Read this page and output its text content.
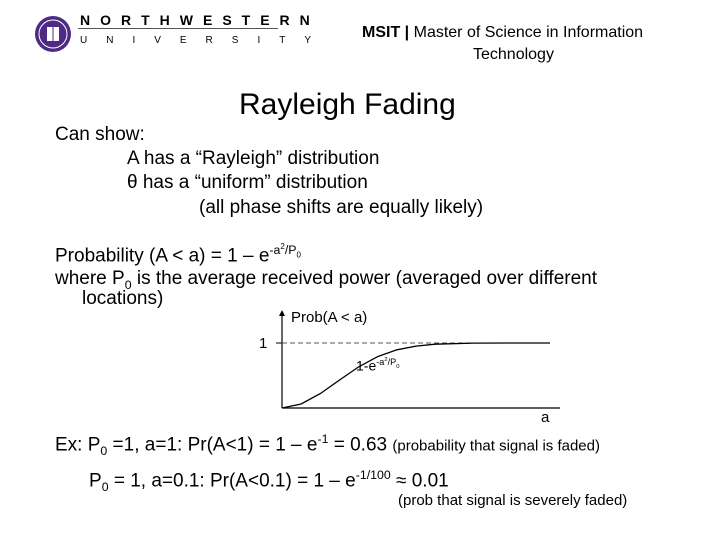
NORTHWESTERN
UNIVERSITY MSIT | Master of Science in Information
Technology
Rayleigh Fading
Can show:
A has a “Rayleigh” distribution
θ has a “uniform” distribution
(all phase shifts are equally likely)
Probability $(A < a) = 1 - e^{-a^2/P_0}$
where $P_0$ is the average received power (averaged over different
locations)
Prob(A < a)
1
$1-e^{-a^2/P_0}$
a
Ex: $P_0 =1$, a=1: $Pr(A<1) = 1 - e^{-1} = 0.63$ (probability that signal is faded)
$P_0 = 1$, a=0.1: $Pr(A<0.1) = 1 - e^{-1/100} \approx 0.01$
(prob that signal is severely faded)
